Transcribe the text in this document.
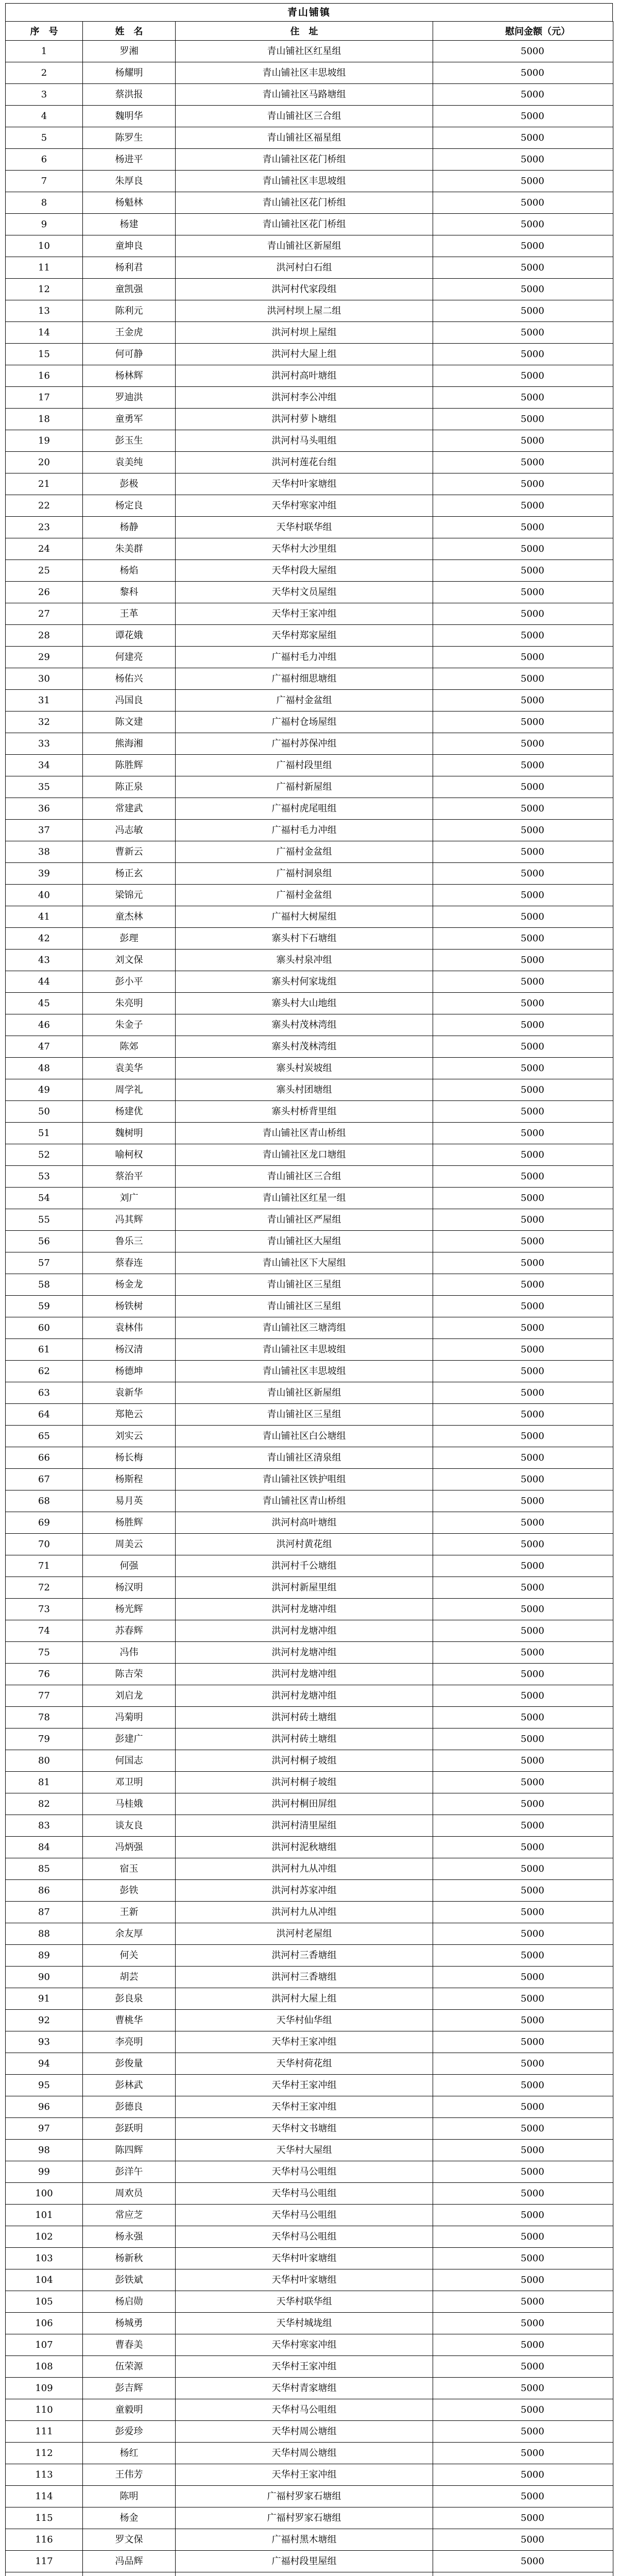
青山铺镇
序　号	姓　名	住　址	慰问金额（元）
1	罗湘	青山铺社区红星组	5000
2	杨耀明	青山铺社区丰思坡组	5000
3	蔡洪报	青山铺社区马路塘组	5000
4	魏明华	青山铺社区三合组	5000
5	陈罗生	青山铺社区福星组	5000
6	杨进平	青山铺社区花门桥组	5000
7	朱厚良	青山铺社区丰思坡组	5000
8	杨魁林	青山铺社区花门桥组	5000
9	杨建	青山铺社区花门桥组	5000
10	童坤良	青山铺社区新屋组	5000
11	杨利君	洪河村白石组	5000
12	童凯强	洪河村代家段组	5000
13	陈利元	洪河村坝上屋二组	5000
14	王金虎	洪河村坝上屋组	5000
15	何可静	洪河村大屋上组	5000
16	杨林辉	洪河村高叶塘组	5000
17	罗迪洪	洪河村李公冲组	5000
18	童勇军	洪河村萝卜塘组	5000
19	彭玉生	洪河村马头咀组	5000
20	袁美纯	洪河村莲花台组	5000
21	彭极	天华村叶家塘组	5000
22	杨定良	天华村寒家冲组	5000
23	杨静	天华村联华组	5000
24	朱美群	天华村大沙里组	5000
25	杨焰	天华村段大屋组	5000
26	黎科	天华村文员屋组	5000
27	王革	天华村王家冲组	5000
28	谭花娥	天华村郑家屋组	5000
29	何建亮	广福村毛力冲组	5000
30	杨佑兴	广福村细思塘组	5000
31	冯国良	广福村金盆组	5000
32	陈文建	广福村仓场屋组	5000
33	熊海湘	广福村苏保冲组	5000
34	陈胜辉	广福村段里组	5000
35	陈正泉	广福村新屋组	5000
36	常建武	广福村虎尾咀组	5000
37	冯志敏	广福村毛力冲组	5000
38	曹新云	广福村金盆组	5000
39	杨正玄	广福村洞泉组	5000
40	梁锦元	广福村金盆组	5000
41	童杰林	广福村大树屋组	5000
42	彭理	寨头村下石塘组	5000
43	刘文保	寨头村泉冲组	5000
44	彭小平	寨头村何家垅组	5000
45	朱亮明	寨头村大山地组	5000
46	朱金子	寨头村茂林湾组	5000
47	陈郊	寨头村茂林湾组	5000
48	袁美华	寨头村炭坡组	5000
49	周学礼	寨头村团塘组	5000
50	杨建优	寨头村桥背里组	5000
51	魏树明	青山铺社区青山桥组	5000
52	喻柯权	青山铺社区龙口塘组	5000
53	蔡治平	青山铺社区三合组	5000
54	刘广	青山铺社区红星一组	5000
55	冯其辉	青山铺社区严屋组	5000
56	鲁乐三	青山铺社区大屋组	5000
57	蔡春连	青山铺社区下大屋组	5000
58	杨金龙	青山铺社区三星组	5000
59	杨铁树	青山铺社区三星组	5000
60	袁林伟	青山铺社区三塘湾组	5000
61	杨汉清	青山铺社区丰思坡组	5000
62	杨德坤	青山铺社区丰思坡组	5000
63	袁新华	青山铺社区新屋组	5000
64	郑艳云	青山铺社区三星组	5000
65	刘实云	青山铺社区白公塘组	5000
66	杨长梅	青山铺社区清泉组	5000
67	杨斯程	青山铺社区铁护咀组	5000
68	易月英	青山铺社区青山桥组	5000
69	杨胜辉	洪河村高叶塘组	5000
70	周美云	洪河村黄花组	5000
71	何强	洪河村千公塘组	5000
72	杨汉明	洪河村新屋里组	5000
73	杨光辉	洪河村龙塘冲组	5000
74	苏春辉	洪河村龙塘冲组	5000
75	冯伟	洪河村龙塘冲组	5000
76	陈吉荣	洪河村龙塘冲组	5000
77	刘启龙	洪河村龙塘冲组	5000
78	冯菊明	洪河村砖土塘组	5000
79	彭建广	洪河村砖土塘组	5000
80	何国志	洪河村桐子坡组	5000
81	邓卫明	洪河村桐子坡组	5000
82	马桂娥	洪河村桐田屏组	5000
83	谈友良	洪河村清里屋组	5000
84	冯炳强	洪河村泥秋塘组	5000
85	宿玉	洪河村九从冲组	5000
86	彭铁	洪河村苏家冲组	5000
87	王新	洪河村九从冲组	5000
88	余友厚	洪河村老屋组	5000
89	何关	洪河村三香塘组	5000
90	胡芸	洪河村三香塘组	5000
91	彭良泉	洪河村大屋上组	5000
92	曹桃华	天华村仙华组	5000
93	李亮明	天华村王家冲组	5000
94	彭俊量	天华村荷花组	5000
95	彭林武	天华村王家冲组	5000
96	彭德良	天华村王家冲组	5000
97	彭跃明	天华村文书塘组	5000
98	陈四辉	天华村大屋组	5000
99	彭洋午	天华村马公咀组	5000
100	周欢员	天华村马公咀组	5000
101	常应芝	天华村马公咀组	5000
102	杨永强	天华村马公咀组	5000
103	杨新秋	天华村叶家塘组	5000
104	彭铁斌	天华村叶家塘组	5000
105	杨启勋	天华村联华组	5000
106	杨城勇	天华村城垅组	5000
107	曹春美	天华村寒家冲组	5000
108	伍荣源	天华村王家冲组	5000
109	彭吉辉	天华村青家塘组	5000
110	童毅明	天华村马公咀组	5000
111	彭爱珍	天华村周公塘组	5000
112	杨红	天华村周公塘组	5000
113	王伟芳	天华村王家冲组	5000
114	陈明	广福村罗家石塘组	5000
115	杨金	广福村罗家石塘组	5000
116	罗文保	广福村黑木塘组	5000
117	冯品辉	广福村段里屋组	5000
